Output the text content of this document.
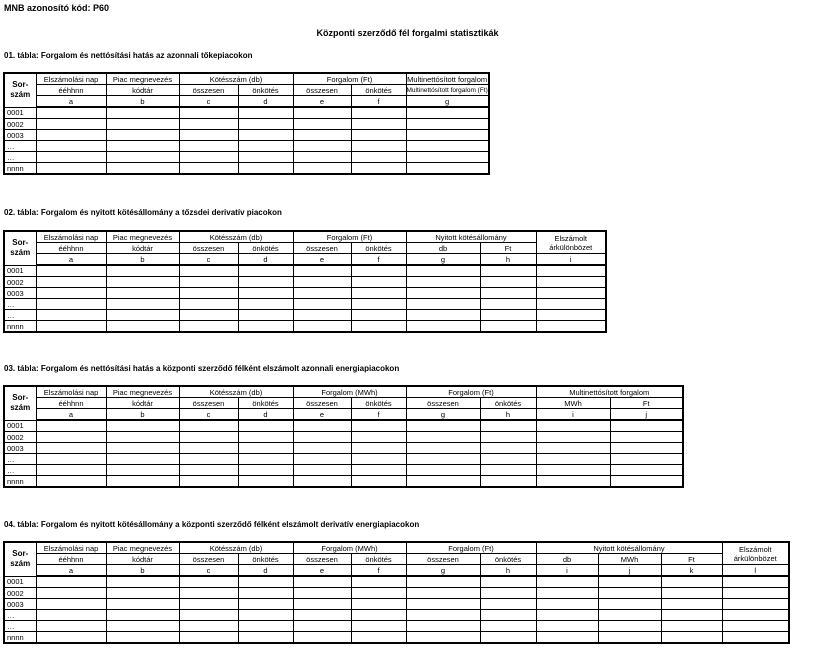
MNB azonosító kód: P60
Központi szerződő fél forgalmi statisztikák
01. tábla: Forgalom és nettósítási hatás az azonnali tőkepiacokon
Sor-szám	Elszámolási nap	Piac megnevezés	Kötésszám (db)		Forgalom (Ft)		Multinettósított forgalom
	ééhhnn	kódtár	összesen	önkötés	összesen	önkötés	Multinettósított forgalom (Ft)
	a	b	c	d	e	f	g
0001							
0002							
0003							
…							
…							
nnnn							
02. tábla: Forgalom és nyitott kötésállomány a tőzsdei derivatív piacokon
Sor-szám	Elszámolási nap	Piac megnevezés	Kötésszám (db)		Forgalom (Ft)		Nyitott kötésállomány		Elszámolt árkülönbözet
	ééhhnn	kódtár	összesen	önkötés	összesen	önkötés	db	Ft	
	a	b	c	d	e	f	g	h	i
0001									
0002									
0003									
…									
…									
nnnn									
03. tábla: Forgalom és nettósítási hatás a központi szerződő félként elszámolt azonnali energiapiacokon
Sor-szám	Elszámolási nap	Piac megnevezés	Kötésszám (db)		Forgalom (MWh)		Forgalom (Ft)		Multinettósított forgalom	
	ééhhnn	kódtár	összesen	önkötés	összesen	önkötés	összesen	önkötés	MWh	Ft
	a	b	c	d	e	f	g	h	i	j
0001										
0002										
0003										
…										
…										
nnnn										
04. tábla: Forgalom és nyitott kötésállomány a központi szerződő félként elszámolt derivatív energiapiacokon
Sor-szám	Elszámolási nap	Piac megnevezés	Kötésszám (db)		Forgalom (MWh)		Forgalom (Ft)		Nyitott kötésállomány			Elszámolt árkülönbözet
	ééhhnn	kódtár	összesen	önkötés	összesen	önkötés	összesen	önkötés	db	MWh	Ft	
	a	b	c	d	e	f	g	h	i	j	k	l
0001												
0002												
0003												
…												
…												
nnnn												
